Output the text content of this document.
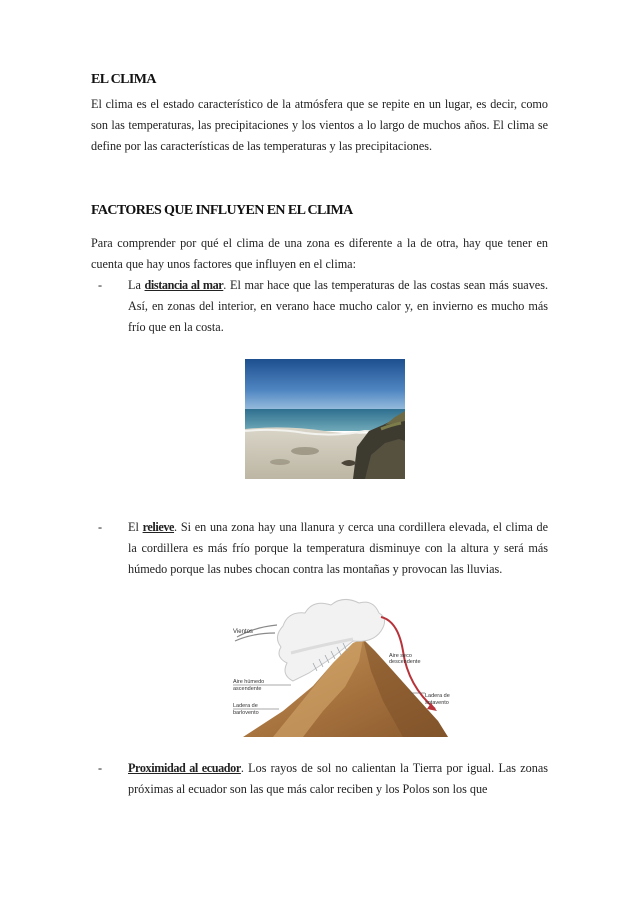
EL CLIMA
El clima es el estado característico de la atmósfera que se repite en un lugar, es decir, como son las temperaturas, las precipitaciones y los vientos a lo largo de muchos años. El clima se define por las características de las temperaturas y las precipitaciones.
FACTORES QUE INFLUYEN EN EL CLIMA
Para comprender por qué el clima de una zona es diferente a la de otra, hay que tener en cuenta que hay unos factores que influyen en el clima:
- La distancia al mar. El mar hace que las temperaturas de las costas sean más suaves. Así, en zonas del interior, en verano hace mucho calor y, en invierno es mucho más frío que en la costa.
- El relieve. Si en una zona hay una llanura y cerca una cordillera elevada, el clima de la cordillera es más frío porque la temperatura disminuye con la altura y será más húmedo porque las nubes chocan contra las montañas y provocan las lluvias.
Vientos
Aire seco
descendente
Aire húmedo
ascendente
Ladera de
barlovento
Ladera de
sotavento
- Proximidad al ecuador. Los rayos de sol no calientan la Tierra por igual. Las zonas próximas al ecuador son las que más calor reciben y los Polos son los que
